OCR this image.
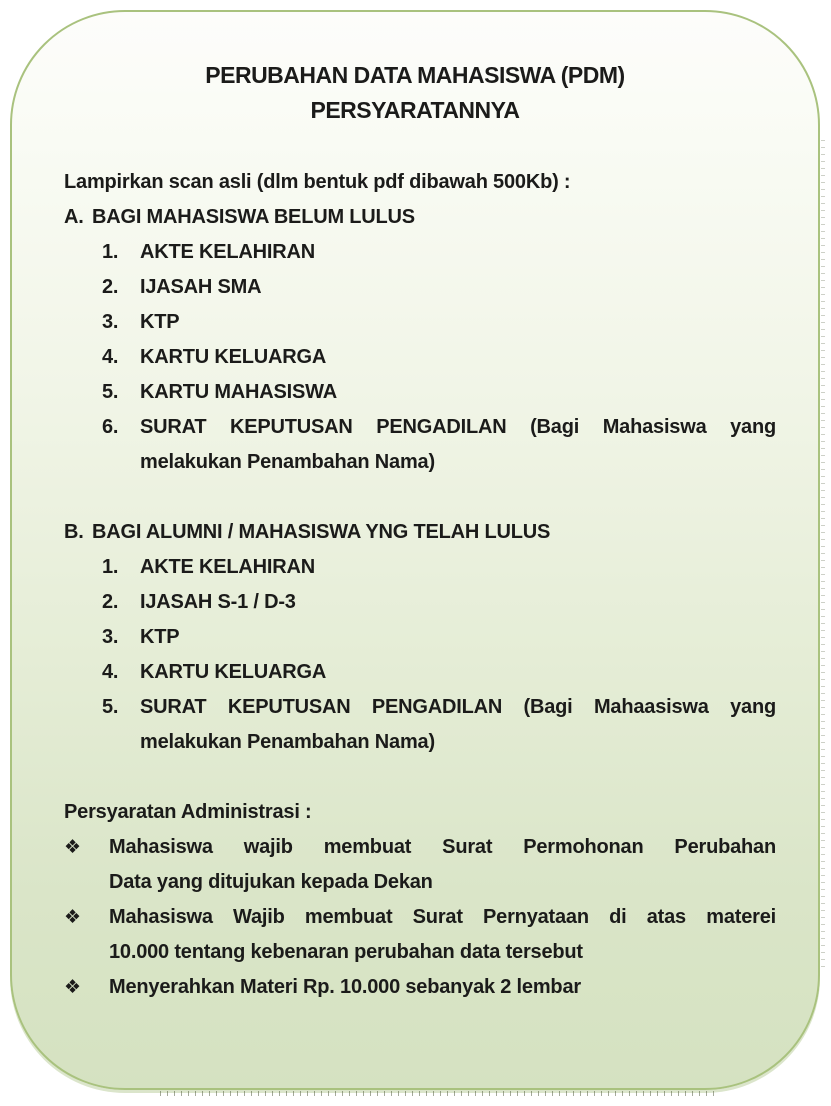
PERUBAHAN DATA MAHASISWA (PDM)
PERSYARATANNYA
Lampirkan scan asli (dlm bentuk pdf dibawah 500Kb) :
A. BAGI MAHASISWA BELUM LULUS
1. AKTE KELAHIRAN
2. IJASAH SMA
3. KTP
4. KARTU KELUARGA
5. KARTU MAHASISWA
6. SURAT KEPUTUSAN PENGADILAN (Bagi Mahasiswa yang
melakukan Penambahan Nama)
B. BAGI ALUMNI / MAHASISWA YNG TELAH LULUS
1. AKTE KELAHIRAN
2. IJASAH S-1 / D-3
3. KTP
4. KARTU KELUARGA
5. SURAT KEPUTUSAN PENGADILAN (Bagi Mahaasiswa yang
melakukan Penambahan Nama)
Persyaratan Administrasi :
❖ Mahasiswa wajib membuat Surat Permohonan Perubahan
Data yang ditujukan kepada Dekan
❖ Mahasiswa Wajib membuat Surat Pernyataan di atas materei
10.000 tentang kebenaran perubahan data tersebut
❖ Menyerahkan Materi Rp. 10.000 sebanyak 2 lembar
